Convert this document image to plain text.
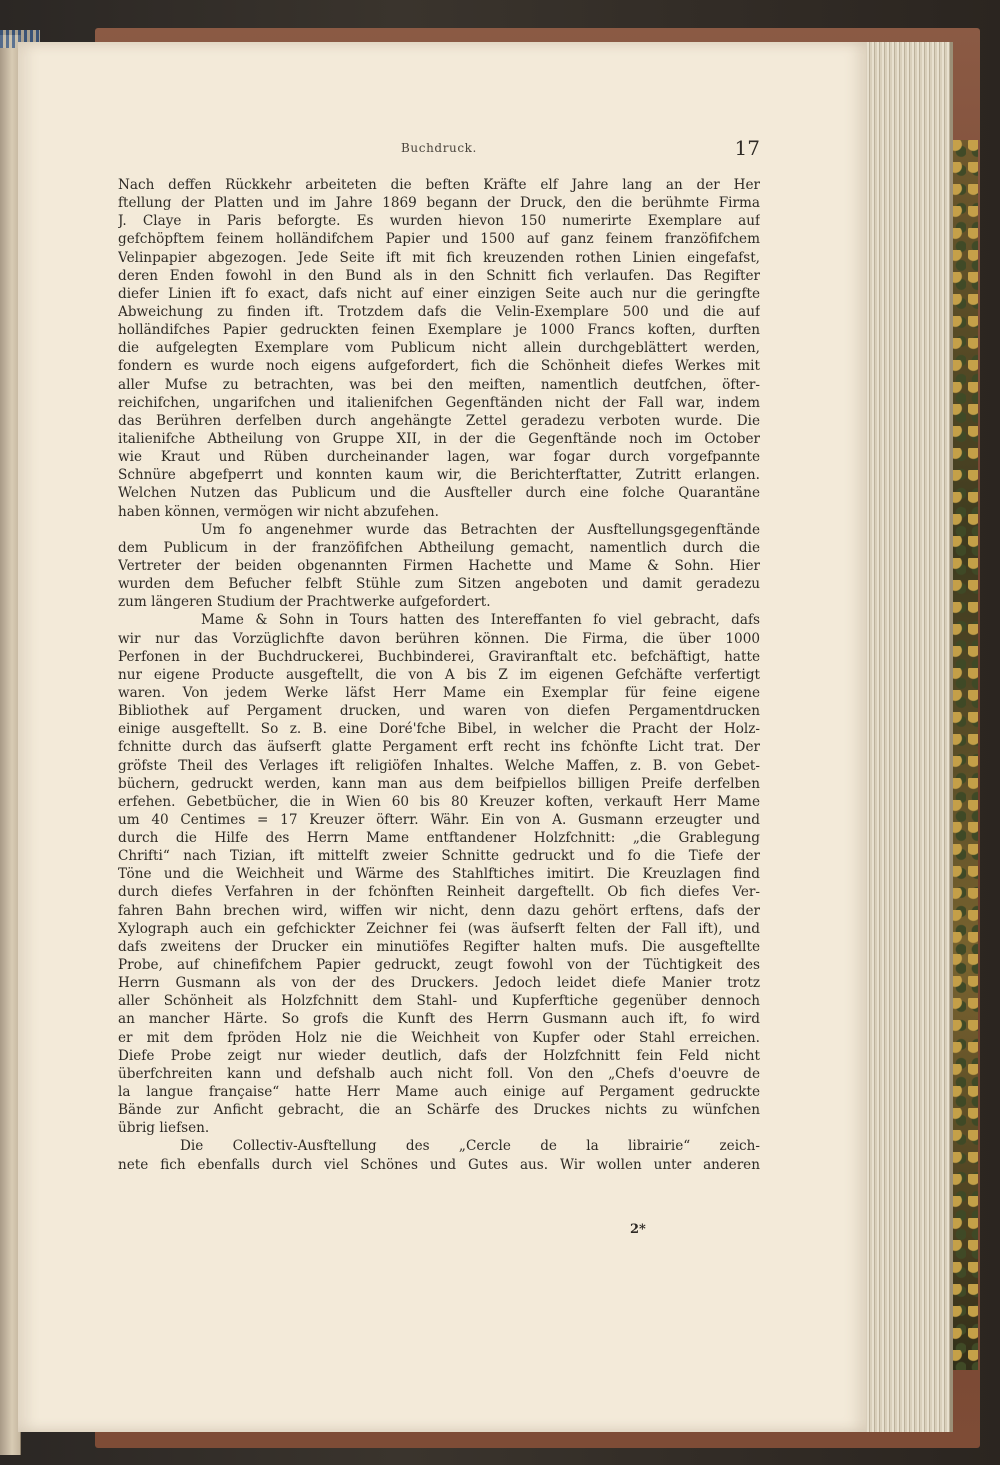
Buchdruck.	17
Nach deffen Rückkehr arbeiteten die beften Kräfte elf Jahre lang an der Her
ftellung der Platten und im Jahre 1869 begann der Druck, den die berühmte Firma
J. Claye in Paris beforgte. Es wurden hievon 150 numerirte Exemplare auf
gefchöpftem feinem holländifchem Papier und 1500 auf ganz feinem franzöfifchem
Velinpapier abgezogen. Jede Seite ift mit fich kreuzenden rothen Linien eingefafst,
deren Enden fowohl in den Bund als in den Schnitt fich verlaufen. Das Regifter
diefer Linien ift fo exact, dafs nicht auf einer einzigen Seite auch nur die geringfte
Abweichung zu finden ift. Trotzdem dafs die Velin-Exemplare 500 und die auf
holländifches Papier gedruckten feinen Exemplare je 1000 Francs koften, durften
die aufgelegten Exemplare vom Publicum nicht allein durchgeblättert werden,
fondern es wurde noch eigens aufgefordert, fich die Schönheit diefes Werkes mit
aller Mufse zu betrachten, was bei den meiften, namentlich deutfchen, öfter-
reichifchen, ungarifchen und italienifchen Gegenftänden nicht der Fall war, indem
das Berühren derfelben durch angehängte Zettel geradezu verboten wurde. Die
italienifche Abtheilung von Gruppe XII, in der die Gegenftände noch im October
wie Kraut und Rüben durcheinander lagen, war fogar durch vorgefpannte
Schnüre abgefperrt und konnten kaum wir, die Berichterftatter, Zutritt erlangen.
Welchen Nutzen das Publicum und die Ausfteller durch eine folche Quarantäne
haben können, vermögen wir nicht abzufehen.
Um fo angenehmer wurde das Betrachten der Ausftellungsgegenftände
dem Publicum in der franzöfifchen Abtheilung gemacht, namentlich durch die
Vertreter der beiden obgenannten Firmen Hachette und Mame & Sohn. Hier
wurden dem Befucher felbft Stühle zum Sitzen angeboten und damit geradezu
zum längeren Studium der Prachtwerke aufgefordert.
Mame & Sohn in Tours hatten des Intereffanten fo viel gebracht, dafs
wir nur das Vorzüglichfte davon berühren können. Die Firma, die über 1000
Perfonen in der Buchdruckerei, Buchbinderei, Graviranftalt etc. befchäftigt, hatte
nur eigene Producte ausgeftellt, die von A bis Z im eigenen Gefchäfte verfertigt
waren. Von jedem Werke läfst Herr Mame ein Exemplar für feine eigene
Bibliothek auf Pergament drucken, und waren von diefen Pergamentdrucken
einige ausgeftellt. So z. B. eine Doré'fche Bibel, in welcher die Pracht der Holz-
fchnitte durch das äufserft glatte Pergament erft recht ins fchönfte Licht trat. Der
gröfste Theil des Verlages ift religiöfen Inhaltes. Welche Maffen, z. B. von Gebet-
büchern, gedruckt werden, kann man aus dem beifpiellos billigen Preife derfelben
erfehen. Gebetbücher, die in Wien 60 bis 80 Kreuzer koften, verkauft Herr Mame
um 40 Centimes = 17 Kreuzer öfterr. Währ. Ein von A. Gusmann erzeugter und
durch die Hilfe des Herrn Mame entftandener Holzfchnitt: „die Grablegung
Chrifti“ nach Tizian, ift mittelft zweier Schnitte gedruckt und fo die Tiefe der
Töne und die Weichheit und Wärme des Stahlftiches imitirt. Die Kreuzlagen find
durch diefes Verfahren in der fchönften Reinheit dargeftellt. Ob fich diefes Ver-
fahren Bahn brechen wird, wiffen wir nicht, denn dazu gehört erftens, dafs der
Xylograph auch ein gefchickter Zeichner fei (was äufserft felten der Fall ift), und
dafs zweitens der Drucker ein minutiöfes Regifter halten mufs. Die ausgeftellte
Probe, auf chinefifchem Papier gedruckt, zeugt fowohl von der Tüchtigkeit des
Herrn Gusmann als von der des Druckers. Jedoch leidet diefe Manier trotz
aller Schönheit als Holzfchnitt dem Stahl- und Kupferftiche gegenüber dennoch
an mancher Härte. So grofs die Kunft des Herrn Gusmann auch ift, fo wird
er mit dem fpröden Holz nie die Weichheit von Kupfer oder Stahl erreichen.
Diefe Probe zeigt nur wieder deutlich, dafs der Holzfchnitt fein Feld nicht
überfchreiten kann und defshalb auch nicht foll. Von den „Chefs d'oeuvre de
la langue française“ hatte Herr Mame auch einige auf Pergament gedruckte
Bände zur Anficht gebracht, die an Schärfe des Druckes nichts zu wünfchen
übrig liefsen.
Die Collectiv-Ausftellung des „Cercle de la librairie“ zeich-
nete fich ebenfalls durch viel Schönes und Gutes aus. Wir wollen unter anderen
2*
